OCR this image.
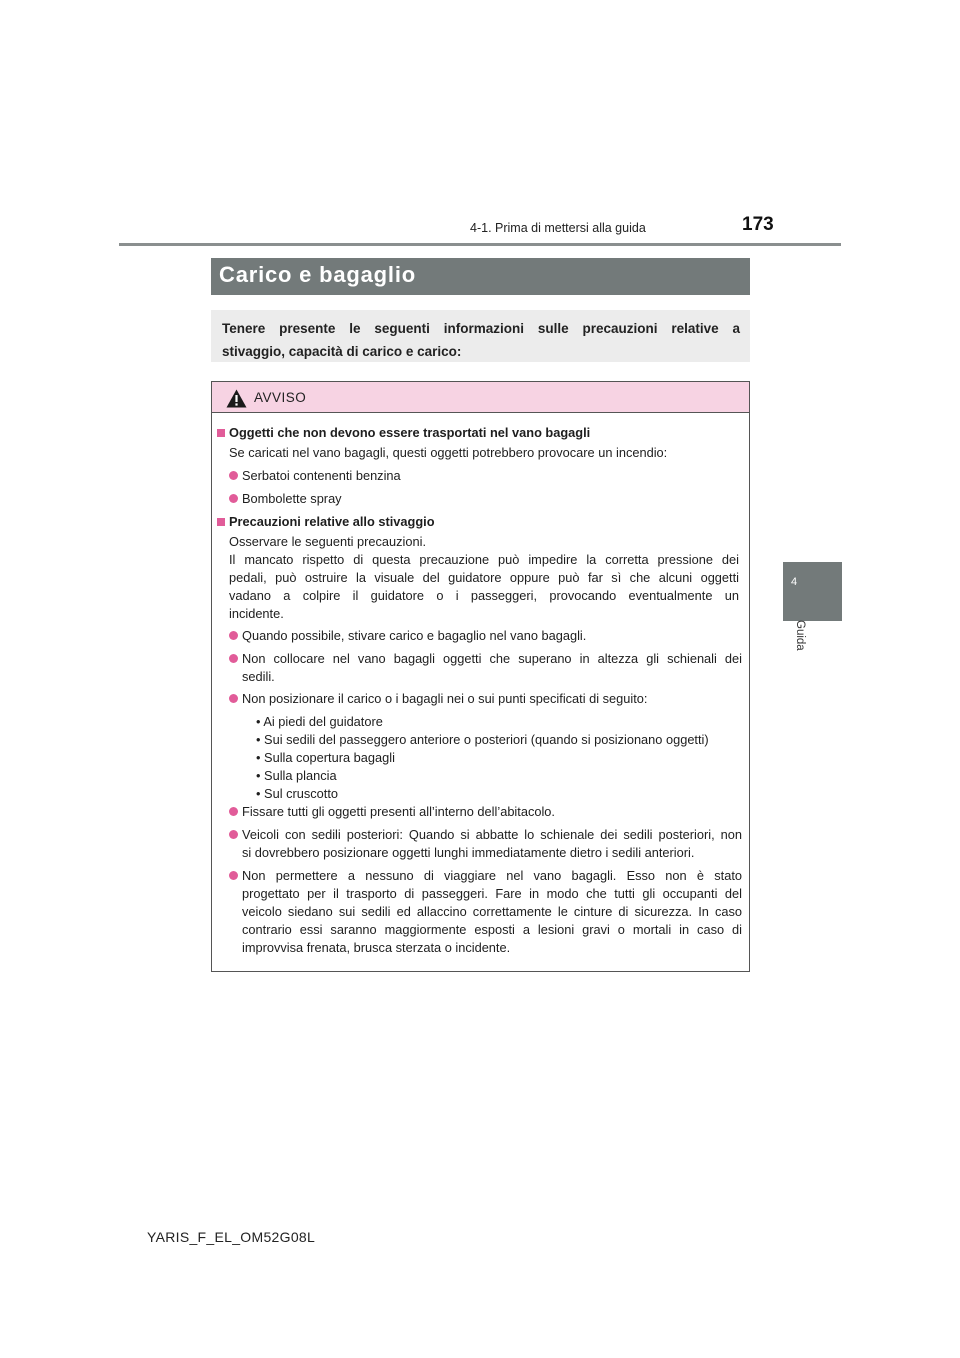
4-1. Prima di mettersi alla guida	173
4
Guida
Carico e bagaglio
Tenere presente le seguenti informazioni sulle precauzioni relative a
stivaggio, capacità di carico e carico:
AVVISO
Oggetti che non devono essere trasportati nel vano bagagli
Se caricati nel vano bagagli, questi oggetti potrebbero provocare un incendio:
Serbatoi contenenti benzina
Bombolette spray
Precauzioni relative allo stivaggio
Osservare le seguenti precauzioni.
Il mancato rispetto di questa precauzione può impedire la corretta pressione dei
pedali, può ostruire la visuale del guidatore oppure può far sì che alcuni oggetti
vadano a colpire il guidatore o i passeggeri, provocando eventualmente un
incidente.
Quando possibile, stivare carico e bagaglio nel vano bagagli.
Non collocare nel vano bagagli oggetti che superano in altezza gli schienali dei
sedili.
Non posizionare il carico o i bagagli nei o sui punti specificati di seguito:
• Ai piedi del guidatore
• Sui sedili del passeggero anteriore o posteriori (quando si posizionano oggetti)
• Sulla copertura bagagli
• Sulla plancia
• Sul cruscotto
Fissare tutti gli oggetti presenti all’interno dell’abitacolo.
Veicoli con sedili posteriori: Quando si abbatte lo schienale dei sedili posteriori, non
si dovrebbero posizionare oggetti lunghi immediatamente dietro i sedili anteriori.
Non permettere a nessuno di viaggiare nel vano bagagli. Esso non è stato
progettato per il trasporto di passeggeri. Fare in modo che tutti gli occupanti del
veicolo siedano sui sedili ed allaccino correttamente le cinture di sicurezza. In caso
contrario essi saranno maggiormente esposti a lesioni gravi o mortali in caso di
improvvisa frenata, brusca sterzata o incidente.
YARIS_F_EL_OM52G08L
